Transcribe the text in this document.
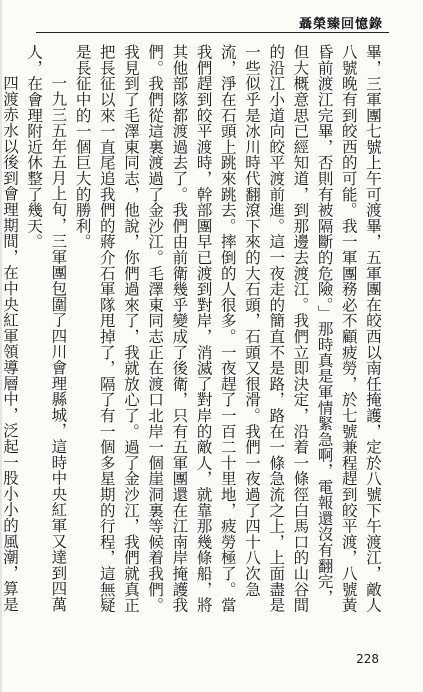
聶榮臻回憶錄

畢，三軍團七號上午可渡畢，五軍團在皎西以南任掩護，定於八號下午渡江，敵人八號晚有到皎西的可能。我一軍團務必不顧疲勞，於七號兼程趕到皎平渡，八號黃昏前渡江完畢，否則有被隔斷的危險。」那時真是軍情緊急啊，電報還沒有翻完，但大概意思已經知道，到那邊去渡江。我們立即決定，沿着一條徑白馬口的山谷間的沿江小道向皎平渡前進。這一夜走的簡直不是路，路在一條急流之上，上面盡是一些似乎是冰川時代翻滾下來的大石頭，石頭又很滑。我們一夜過了四十八次急流，淨在石頭上跳來跳去。摔倒的人很多。一夜趕了一百二十里地，疲勞極了。當我們趕到皎平渡時，幹部團早已渡到對岸，消滅了對岸的敵人，就靠那幾條船，將其他部隊都渡過去了。我們由前衛幾乎變成了後衛，只有五軍團還在江南岸掩護我們。我們從這裏渡過了金沙江。毛澤東同志正在渡口北岸一個崖洞裏等候着我們。我見到了毛澤東同志，他說，你們過來了，我就放心了。過了金沙江，我們就真正把長征以來一直尾追我們的蔣介石軍隊甩掉了，隔了有一個多星期的行程，這無疑是長征中的一個巨大的勝利。

一九三五年五月上旬，三軍團包圍了四川會理縣城，這時中央紅軍又達到四萬人，在會理附近休整了幾天。

四渡赤水以後到會理期間，在中央紅軍領導層中，泛起一股小小的風潮，算是

228
